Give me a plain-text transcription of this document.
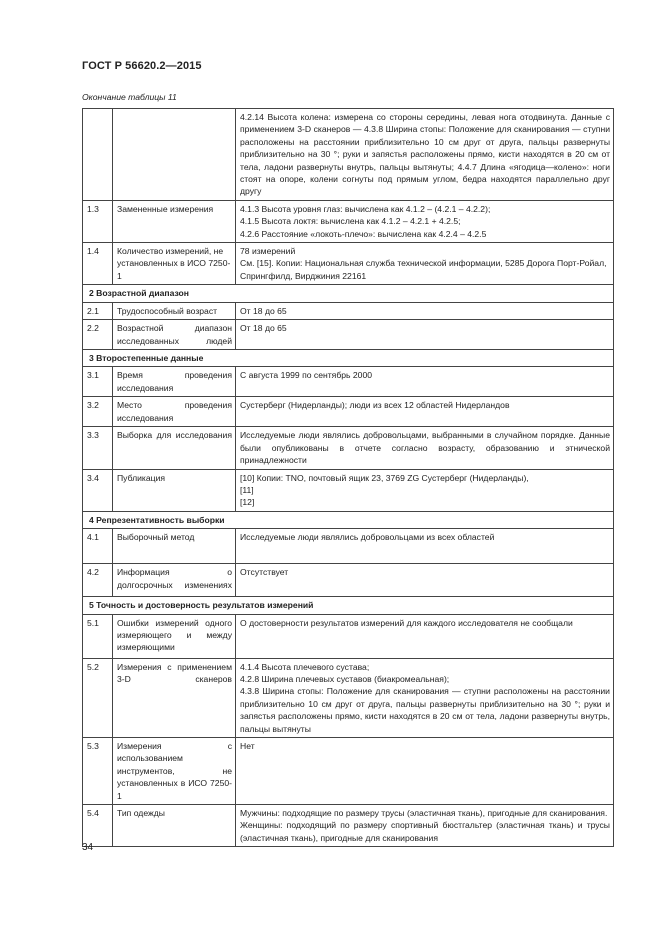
ГОСТ Р 56620.2—2015
Окончание таблицы 11
		4.2.14 Высота колена: измерена со стороны середины, левая нога отодвинута. Данные с применением 3-D сканеров — 4.3.8 Ширина стопы: Положение для сканирования — ступни расположены на расстоянии приблизительно 10 см друг от друга, пальцы развернуты приблизительно на 30 °; руки и запястья расположены прямо, кисти находятся в 20 см от тела, ладони развернуты внутрь, пальцы вытянуты; 4.4.7 Длина «ягодица—колено»: ноги стоят на опоре, колени согнуты под прямым углом, бедра находятся параллельно друг другу
1.3	Замененные измерения	4.1.3 Высота уровня глаз: вычислена как 4.1.2 – (4.2.1 – 4.2.2);
4.1.5 Высота локтя: вычислена как 4.1.2 – 4.2.1 + 4.2.5;
4.2.6 Расстояние «локоть-плечо»: вычислена как 4.2.4 – 4.2.5

1.4	Количество измерений, не установленных в ИСО 7250-1	78 измерений
См. [15]. Копии: Национальная служба технической информации, 5285 Дорога Порт-Ройал, Спрингфилд, Вирджиния 22161

2 Возрастной диапазон		
2.1	Трудоспособный возраст	От 18 до 65

2.2	Возрастной диапазон исследованных людей	От 18 до 65

3 Второстепенные данные		
3.1	Время проведения исследования	С августа 1999 по сентябрь 2000

3.2	Место проведения исследования	Сустерберг (Нидерланды); люди из всех 12 областей Нидерландов

3.3	Выборка для исследования	Исследуемые люди являлись добровольцами, выбранными в случайном порядке. Данные были опубликованы в отчете согласно возрасту, образованию и этнической принадлежности
3.4	Публикация	[10] Копии: TNO, почтовый ящик 23, 3769 ZG Сустерберг (Нидерланды),
[11]
[12]

4 Репрезентативность выборки		
4.1	Выборочный метод	Исследуемые люди являлись добровольцами из всех областей

4.2	Информация о долгосрочных изменениях	Отсутствует

5 Точность и достоверность результатов измерений		
5.1	Ошибки измерений одного измеряющего и между измеряющими	О достоверности результатов измерений для каждого исследователя не сообщали
5.2	Измерения с применением 3-D сканеров	4.1.4 Высота плечевого сустава;
4.2.8 Ширина плечевых суставов (биакромеальная);
4.3.8 Ширина стопы: Положение для сканирования — ступни расположены на расстоянии приблизительно 10 см друг от друга, пальцы развернуты приблизительно на 30 °; руки и запястья расположены прямо, кисти находятся в 20 см от тела, ладони развернуты внутрь, пальцы вытянуты

5.3	Измерения с использованием инструментов, не установленных в ИСО 7250-1	Нет

5.4	Тип одежды	Мужчины: подходящие по размеру трусы (эластичная ткань), пригодные для сканирования.
Женщины: подходящий по размеру спортивный бюстгальтер (эластичная ткань) и трусы (эластичная ткань), пригодные для сканирования
34
